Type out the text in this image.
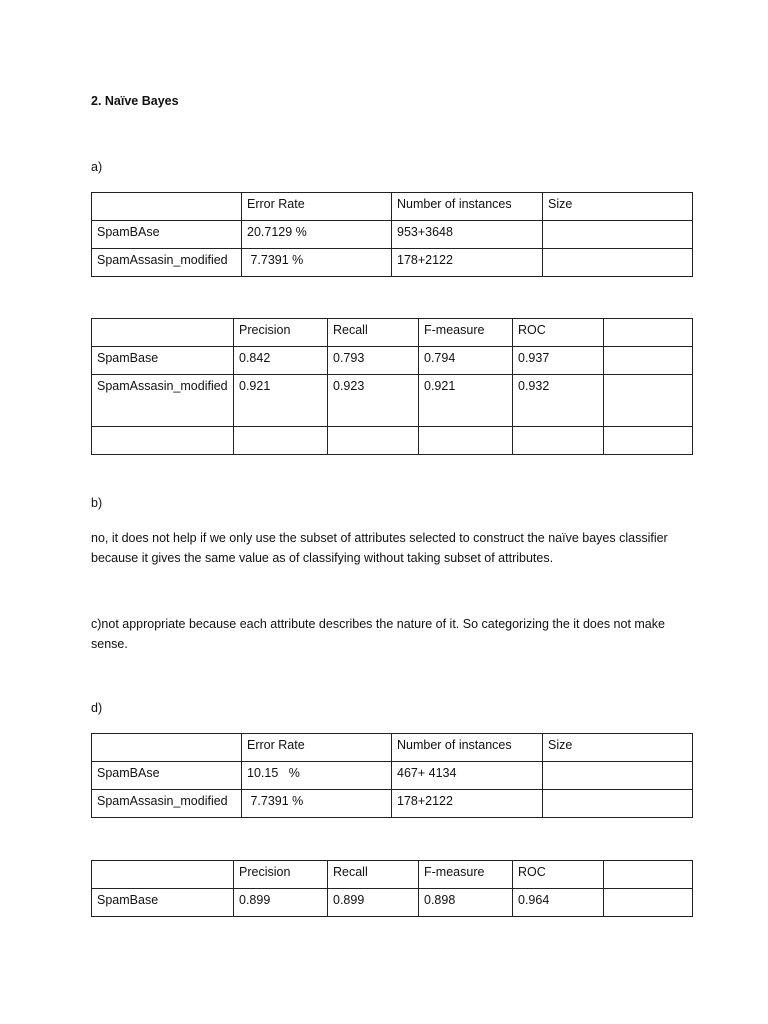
2. Naïve Bayes
a)
	Error Rate	Number of instances	Size
SpamBAse	20.7129 %	953+3648	
SpamAssasin_modified	7.7391 %	178+2122	
	Precision	Recall	F-measure	ROC	
SpamBase	0.842	0.793	0.794	0.937	
SpamAssasin_modified	0.921	0.923	0.921	0.932	

b)
no, it does not help if we only use the subset of attributes selected to construct the naïve bayes classifier because it gives the same value as of classifying without taking subset of attributes.
c)not appropriate because each attribute describes the nature of it. So categorizing the it does not make sense.
d)
	Error Rate	Number of instances	Size
SpamBAse	10.15   %	467+ 4134	
SpamAssasin_modified	7.7391 %	178+2122	
	Precision	Recall	F-measure	ROC	
SpamBase	0.899	0.899	0.898	0.964	
